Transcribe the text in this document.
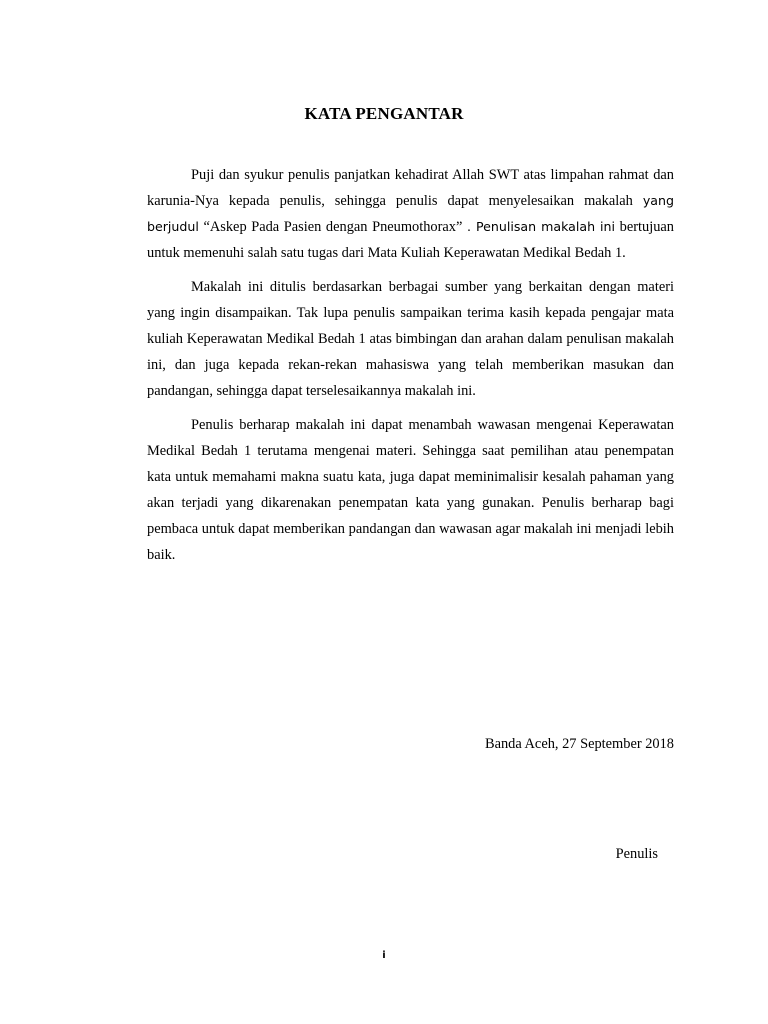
KATA PENGANTAR

Puji dan syukur penulis panjatkan kehadirat Allah SWT atas limpahan rahmat dan karunia-Nya kepada penulis, sehingga penulis dapat menyelesaikan makalah yang berjudul “Askep Pada Pasien dengan Pneumothorax” . Penulisan makalah ini bertujuan untuk memenuhi salah satu tugas dari Mata Kuliah Keperawatan Medikal Bedah 1.

Makalah ini ditulis berdasarkan berbagai sumber yang berkaitan dengan materi yang ingin disampaikan. Tak lupa penulis sampaikan terima kasih kepada pengajar mata kuliah Keperawatan Medikal Bedah 1 atas bimbingan dan arahan dalam penulisan makalah ini, dan juga kepada rekan-rekan mahasiswa yang telah memberikan masukan dan pandangan, sehingga dapat terselesaikannya makalah ini.

Penulis berharap makalah ini dapat menambah wawasan mengenai Keperawatan Medikal Bedah 1 terutama mengenai materi. Sehingga saat pemilihan atau penempatan kata untuk memahami makna suatu kata, juga dapat meminimalisir kesalah pahaman yang akan terjadi yang dikarenakan penempatan kata yang gunakan. Penulis berharap bagi pembaca untuk dapat memberikan pandangan dan wawasan agar makalah ini menjadi lebih baik.

Banda Aceh, 27 September 2018
Penulis
i
